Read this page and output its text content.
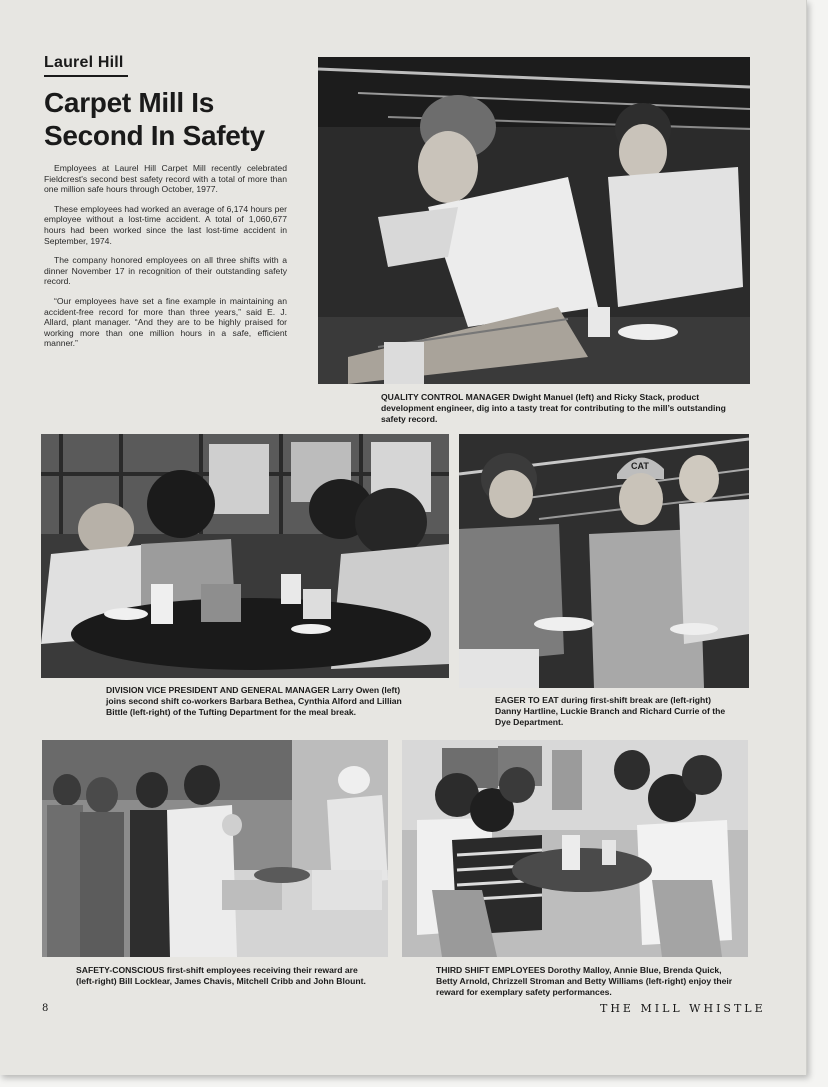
Laurel Hill
Carpet Mill Is Second In Safety

Employees at Laurel Hill Carpet Mill recently celebrated Fieldcrest's second best safety record with a total of more than one million safe hours through October, 1977.

These employees had worked an average of 6,174 hours per employee without a lost-time accident. A total of 1,060,677 hours had been worked since the last lost-time accident in September, 1974.

The company honored employees on all three shifts with a dinner November 17 in recognition of their outstanding safety record.

“Our employees have set a fine example in maintaining an accident-free record for more than three years,” said E. J. Allard, plant manager. “And they are to be highly praised for working more than one million hours in a safe, efficient manner.”

QUALITY CONTROL MANAGER Dwight Manuel (left) and Ricky Stack, product development engineer, dig into a tasty treat for contributing to the mill’s outstanding safety record.

DIVISION VICE PRESIDENT AND GENERAL MANAGER Larry Owen (left) joins second shift co-workers Barbara Bethea, Cynthia Alford and Lillian Bittle (left-right) of the Tufting Department for the meal break.

CAT

EAGER TO EAT during first-shift break are (left-right) Danny Hartline, Luckie Branch and Richard Currie of the Dye Department.

SAFETY-CONSCIOUS first-shift employees receiving their reward are (left-right) Bill Locklear, James Chavis, Mitchell Cribb and John Blount.

THIRD SHIFT EMPLOYEES Dorothy Malloy, Annie Blue, Brenda Quick, Betty Arnold, Chrizzell Stroman and Betty Williams (left-right) enjoy their reward for exemplary safety performances.

8	THE MILL WHISTLE
